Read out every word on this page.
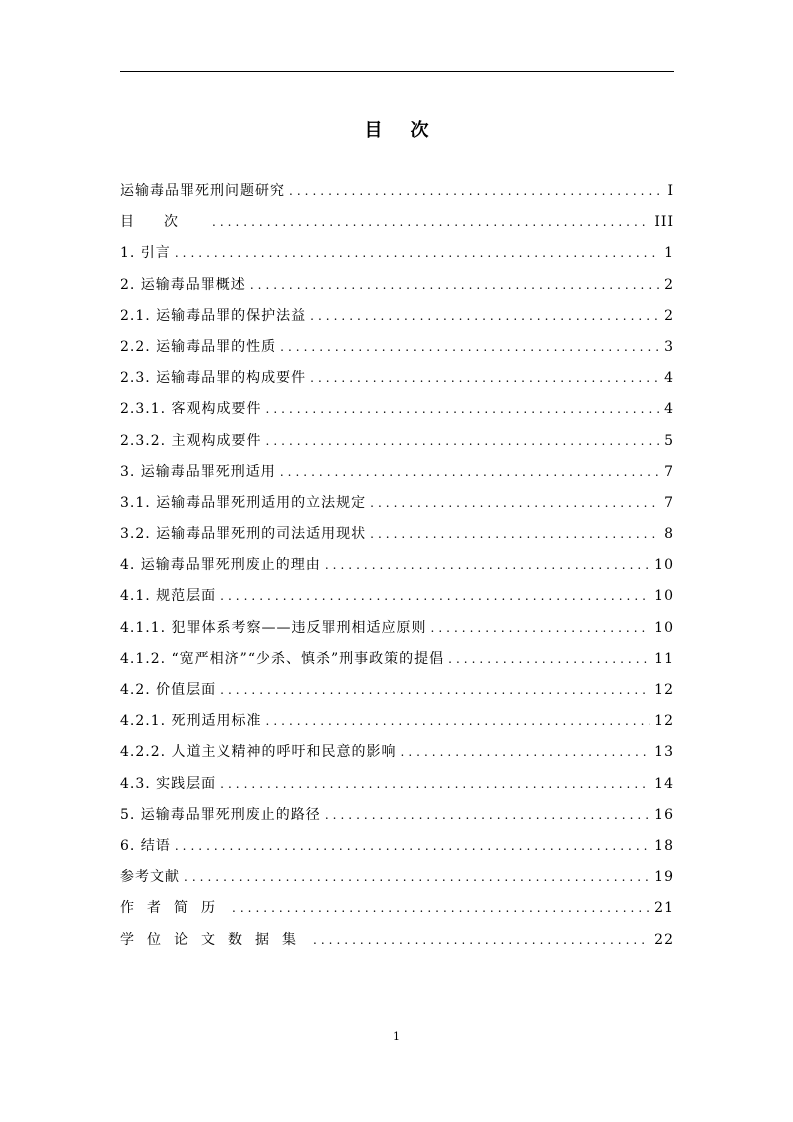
目次
运输毒品罪死刑问题研究 .....	I
目次 .....	III
1. 引言 .....	1
2. 运输毒品罪概述 .....	2
2.1. 运输毒品罪的保护法益 .....	2
2.2. 运输毒品罪的性质 .....	3
2.3. 运输毒品罪的构成要件 .....	4
2.3.1. 客观构成要件 .....	4
2.3.2. 主观构成要件 .....	5
3. 运输毒品罪死刑适用 .....	7
3.1. 运输毒品罪死刑适用的立法规定 .....	7
3.2. 运输毒品罪死刑的司法适用现状 .....	8
4. 运输毒品罪死刑废止的理由 .....	10
4.1. 规范层面 .....	10
4.1.1. 犯罪体系考察——违反罪刑相适应原则 .....	10
4.1.2. “宽严相济”“少杀、慎杀”刑事政策的提倡 .....	11
4.2. 价值层面 .....	12
4.2.1. 死刑适用标准 .....	12
4.2.2. 人道主义精神的呼吁和民意的影响 .....	13
4.3. 实践层面 .....	14
5. 运输毒品罪死刑废止的路径 .....	16
6. 结语 .....	18
参考文献 .....	19
作者简历 .....	21
学位论文数据集 .....	22
1
